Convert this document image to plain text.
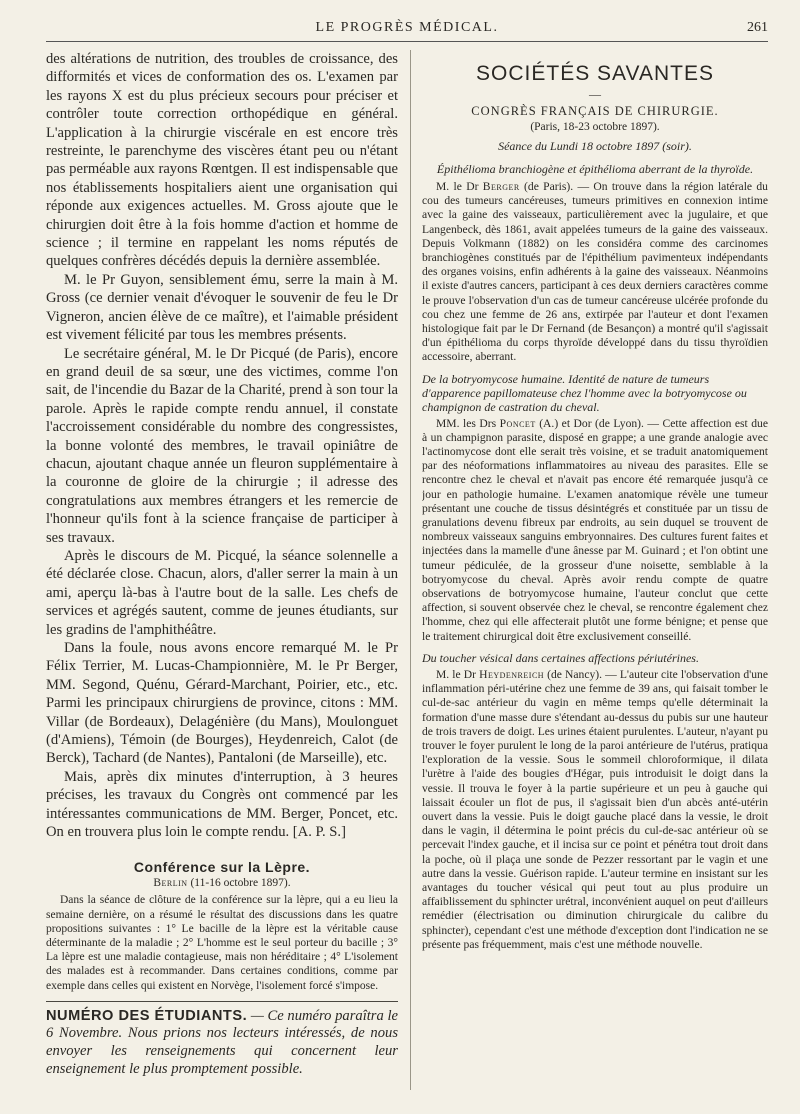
LE PROGRÈS MÉDICAL.	261

des altérations de nutrition, des troubles de croissance, des difformités et vices de conformation des os. L'examen par les rayons X est du plus précieux secours pour préciser et contrôler toute correction orthopédique en général. L'application à la chirurgie viscérale en est encore très restreinte, le parenchyme des viscères étant peu ou n'étant pas perméable aux rayons Rœntgen. Il est indispensable que nos établissements hospitaliers aient une organisation qui réponde aux exigences actuelles. M. Gross ajoute que le chirurgien doit être à la fois homme d'action et homme de science ; il termine en rappelant les noms réputés de quelques confrères décédés depuis la dernière assemblée.

M. le Pr Guyon, sensiblement ému, serre la main à M. Gross (ce dernier venait d'évoquer le souvenir de feu le Dr Vigneron, ancien élève de ce maître), et l'aimable président est vivement félicité par tous les membres présents.

Le secrétaire général, M. le Dr Picqué (de Paris), encore en grand deuil de sa sœur, une des victimes, comme l'on sait, de l'incendie du Bazar de la Charité, prend à son tour la parole. Après le rapide compte rendu annuel, il constate l'accroissement considérable du nombre des congressistes, la bonne volonté des membres, le travail opiniâtre de chacun, ajoutant chaque année un fleuron supplémentaire à la couronne de gloire de la chirurgie ; il adresse des congratulations aux membres étrangers et les remercie de l'honneur qu'ils font à la science française de participer à ses travaux.

Après le discours de M. Picqué, la séance solennelle a été déclarée close. Chacun, alors, d'aller serrer la main à un ami, aperçu là-bas à l'autre bout de la salle. Les chefs de services et agrégés sautent, comme de jeunes étudiants, sur les gradins de l'amphithéâtre.

Dans la foule, nous avons encore remarqué M. le Pr Félix Terrier, M. Lucas-Championnière, M. le Pr Berger, MM. Segond, Quénu, Gérard-Marchant, Poirier, etc., etc. Parmi les principaux chirurgiens de province, citons : MM. Villar (de Bordeaux), Delagénière (du Mans), Moulonguet (d'Amiens), Témoin (de Bourges), Heydenreich, Calot (de Berck), Tachard (de Nantes), Pantaloni (de Marseille), etc.

Mais, après dix minutes d'interruption, à 3 heures précises, les travaux du Congrès ont commencé par les intéressantes communications de MM. Berger, Poncet, etc. On en trouvera plus loin le compte rendu. [A. P. S.]

Conférence sur la Lèpre.
Berlin (11-16 octobre 1897).

Dans la séance de clôture de la conférence sur la lèpre, qui a eu lieu la semaine dernière, on a résumé le résultat des discussions dans les quatre propositions suivantes : 1° Le bacille de la lèpre est la véritable cause déterminante de la maladie ; 2° L'homme est le seul porteur du bacille ; 3° La lèpre est une maladie contagieuse, mais non héréditaire ; 4° L'isolement des malades est à recommander. Dans certaines conditions, comme par exemple dans celles qui existent en Norvège, l'isolement forcé s'impose.

NUMÉRO DES ÉTUDIANTS. — Ce numéro paraîtra le 6 Novembre. Nous prions nos lecteurs intéressés, de nous envoyer les renseignements qui concernent leur enseignement le plus promptement possible.
SOCIÉTÉS SAVANTES
—
CONGRÈS FRANÇAIS DE CHIRURGIE.
(Paris, 18-23 octobre 1897).
Séance du Lundi 18 octobre 1897 (soir).
Épithélioma branchiogène et épithélioma aberrant de la thyroïde.

M. le Dr Berger (de Paris). — On trouve dans la région latérale du cou des tumeurs cancéreuses, tumeurs primitives en connexion intime avec la gaine des vaisseaux, particulièrement avec la jugulaire, et que Langenbeck, dès 1861, avait appelées tumeurs de la gaine des vaisseaux. Depuis Volkmann (1882) on les considéra comme des carcinomes branchiogènes constitués par de l'épithélium pavimenteux indépendants des organes voisins, enfin adhérents à la gaine des vaisseaux. Néanmoins il existe d'autres cancers, participant à ces deux derniers caractères comme le prouve l'observation d'un cas de tumeur cancéreuse ulcérée profonde du cou chez une femme de 26 ans, extirpée par l'auteur et dont l'examen histologique fait par le Dr Fernand (de Besançon) a montré qu'il s'agissait d'un épithélioma du corps thyroïde développé dans du tissu thyroïdien accessoire, aberrant.

De la botryomycose humaine. Identité de nature de tumeurs d'apparence papillomateuse chez l'homme avec la botryomycose ou champignon de castration du cheval.

MM. les Drs Poncet (A.) et Dor (de Lyon). — Cette affection est due à un champignon parasite, disposé en grappe; a une grande analogie avec l'actinomycose dont elle serait très voisine, et se traduit anatomiquement par des néoformations inflammatoires au niveau des parasites. Elle se rencontre chez le cheval et n'avait pas encore été remarquée jusqu'à ce jour en pathologie humaine. L'examen anatomique révèle une tumeur présentant une couche de tissus désintégrés et constituée par un tissu de granulations devenu fibreux par endroits, au sein duquel se trouvent de nombreux vaisseaux sanguins embryonnaires. Des cultures furent faites et injectées dans la mamelle d'une ânesse par M. Guinard ; et l'on obtint une tumeur pédiculée, de la grosseur d'une noisette, semblable à la botryomycose du cheval. Après avoir rendu compte de quatre observations de botryomycose humaine, l'auteur conclut que cette affection, si souvent observée chez le cheval, se rencontre également chez l'homme, chez qui elle affecterait plutôt une forme bénigne; et pense que le traitement chirurgical doit être exclusivement conseillé.

Du toucher vésical dans certaines affections périutérines.

M. le Dr Heydenreich (de Nancy). — L'auteur cite l'observation d'une inflammation péri-utérine chez une femme de 39 ans, qui faisait tomber le cul-de-sac antérieur du vagin en même temps qu'elle déterminait la formation d'une masse dure s'étendant au-dessus du pubis sur une hauteur de trois travers de doigt. Les urines étaient purulentes. L'auteur, n'ayant pu trouver le foyer purulent le long de la paroi antérieure de l'utérus, pratiqua l'exploration de la vessie. Sous le sommeil chloroformique, il dilata l'urètre à l'aide des bougies d'Hégar, puis introduisit le doigt dans la vessie. Il trouva le foyer à la partie supérieure et un peu à gauche qui laissait écouler un flot de pus, il s'agissait bien d'un abcès anté-utérin ouvert dans la vessie. Puis le doigt gauche placé dans la vessie, le droit dans le vagin, il détermina le point précis du cul-de-sac antérieur où se percevait l'index gauche, et il incisa sur ce point et pénétra tout droit dans la poche, où il plaça une sonde de Pezzer ressortant par le vagin et une autre dans la vessie. Guérison rapide. L'auteur termine en insistant sur les avantages du toucher vésical qui peut tout au plus produire un affaiblissement du sphincter urétral, inconvénient auquel on peut d'ailleurs remédier (électrisation ou diminution chirurgicale du calibre du sphincter), cependant c'est une méthode d'exception dont l'indication ne se présente pas fréquemment, mais c'est une méthode nouvelle.
